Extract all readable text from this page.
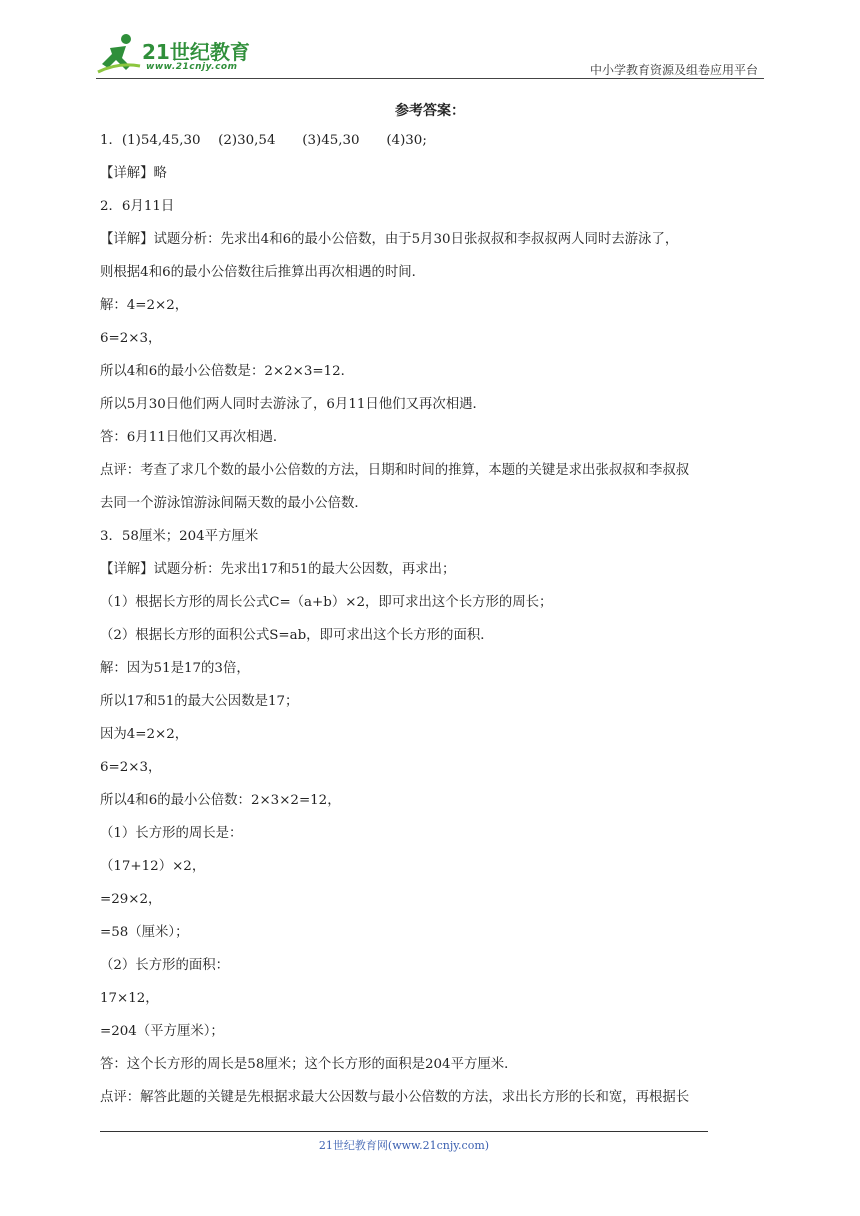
21世纪教育
www.21cnjy.com	中小学教育资源及组卷应用平台
参考答案：
1．(1)54,45,30　 (2)30,54　　(3)45,30　　(4)30;
【详解】略
2．6月11日
【详解】试题分析：先求出4和6的最小公倍数，由于5月30日张叔叔和李叔叔两人同时去游泳了，
则根据4和6的最小公倍数往后推算出再次相遇的时间．
解：4=2×2，
6=2×3，
所以4和6的最小公倍数是：2×2×3=12．
所以5月30日他们两人同时去游泳了，6月11日他们又再次相遇．
答：6月11日他们又再次相遇．
点评：考查了求几个数的最小公倍数的方法，日期和时间的推算，本题的关键是求出张叔叔和李叔叔
去同一个游泳馆游泳间隔天数的最小公倍数．
3．58厘米；204平方厘米
【详解】试题分析：先求出17和51的最大公因数，再求出；
（1）根据长方形的周长公式C=（a+b）×2，即可求出这个长方形的周长；
（2）根据长方形的面积公式S=ab，即可求出这个长方形的面积．
解：因为51是17的3倍，
所以17和51的最大公因数是17；
因为4=2×2，
6=2×3，
所以4和6的最小公倍数：2×3×2=12，
（1）长方形的周长是：
（17+12）×2，
=29×2，
=58（厘米）；
（2）长方形的面积：
17×12，
=204（平方厘米）；
答：这个长方形的周长是58厘米；这个长方形的面积是204平方厘米．
点评：解答此题的关键是先根据求最大公因数与最小公倍数的方法，求出长方形的长和宽，再根据长
21世纪教育网(www.21cnjy.com)
